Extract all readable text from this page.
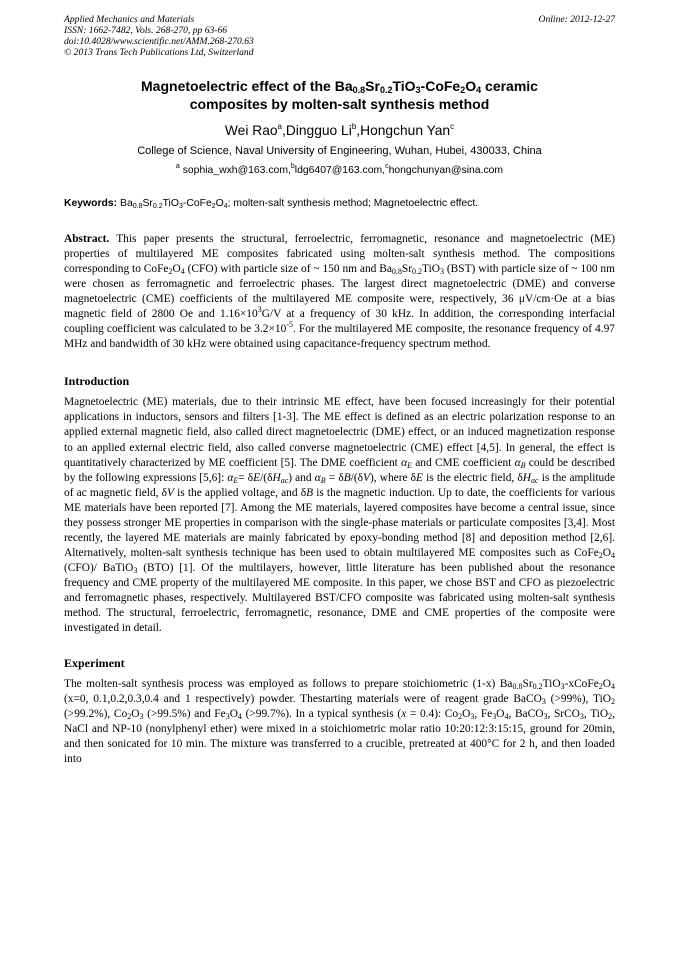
Applied Mechanics and Materials
ISSN: 1662-7482, Vols. 268-270, pp 63-66
doi:10.4028/www.scientific.net/AMM.268-270.63
© 2013 Trans Tech Publications Ltd, Switzerland
Online: 2012-12-27
Magnetoelectric effect of the $Ba_{0.8}Sr_{0.2}TiO_3-CoFe_2O_4$ ceramic
composites by molten-salt synthesis method
Wei Rao$^a$,Dingguo Li$^b$,Hongchun Yan$^c$
College of Science, Naval University of Engineering, Wuhan, Hubei, 430033, China
$^a$ sophia_wxh@163.com,$^b$ldg6407@163.com,$^c$hongchunyan@sina.com
Keywords: $Ba_{0.8}Sr_{0.2}TiO_3-CoFe_2O_4$; molten-salt synthesis method; Magnetoelectric effect.
Abstract. This paper presents the structural, ferroelectric, ferromagnetic, resonance and magnetoelectric (ME) properties of multilayered ME composites fabricated using molten-salt synthesis method. The compositions corresponding to $CoFe_2O_4$ (CFO) with particle size of ~ 150 nm and $Ba_{0.8}Sr_{0.2}TiO_3$ (BST) with particle size of ~ 100 nm were chosen as ferromagnetic and ferroelectric phases. The largest direct magnetoelectric (DME) and converse magnetoelectric (CME) coefficients of the multilayered ME composite were, respectively, 36 μV/cm·Oe at a bias magnetic field of 2800 Oe and $1.16\times 10^3G/V$ at a frequency of 30 kHz. In addition, the corresponding interfacial coupling coefficient was calculated to be $3.2\times 10^{-5}$. For the multilayered ME composite, the resonance frequency of 4.97 MHz and bandwidth of 30 kHz were obtained using capacitance-frequency spectrum method.
Introduction
Magnetoelectric (ME) materials, due to their intrinsic ME effect, have been focused increasingly for their potential applications in inductors, sensors and filters [1-3]. The ME effect is defined as an electric polarization response to an applied external magnetic field, also called direct magnetoelectric (DME) effect, or an induced magnetization response to an applied external electric field, also called converse magnetoelectric (CME) effect [4,5]. In general, the effect is quantitatively characterized by ME coefficient [5]. The DME coefficient $\alpha_E$ and CME coefficient $\alpha_B$ could be described by the following expressions [5,6]: $\alpha_E= \delta E/(\delta H_{ac})$ and $\alpha_B = \delta B/(\delta V)$, where δE is the electric field, $\delta H_{ac}$ is the amplitude of ac magnetic field, δV is the applied voltage, and δB is the magnetic induction. Up to date, the coefficients for various ME materials have been reported [7]. Among the ME materials, layered composites have become a central issue, since they possess stronger ME properties in comparison with the single-phase materials or particulate composites [3,4]. Most recently, the layered ME materials are mainly fabricated by epoxy-bonding method [8] and deposition method [2,6]. Alternatively, molten-salt synthesis technique has been used to obtain multilayered ME composites such as $CoFe_2O_4$ (CFO)/ BaTiO$_3$ (BTO) [1]. Of the multilayers, however, little literature has been published about the resonance frequency and CME property of the multilayered ME composite. In this paper, we chose BST and CFO as piezoelectric and ferromagnetic phases, respectively. Multilayered BST/CFO composite was fabricated using molten-salt synthesis method. The structural, ferroelectric, ferromagnetic, resonance, DME and CME properties of the composite were investigated in detail.
Experiment
The molten-salt synthesis process was employed as follows to prepare stoichiometric (1-x) $Ba_{0.8}Sr_{0.2}TiO_3-xCoFe_2O_4$ (x=0, 0.1,0.2,0.3,0.4 and 1 respectively) powder. Thestarting materials were of reagent grade BaCO$_3$ (>99%), TiO$_2$ (>99.2%), $Co_2O_3$ (>99.5%) and $Fe_3O_4$ (>99.7%). In a typical synthesis (x = 0.4): $Co_2O_3$, $Fe_3O_4$, BaCO$_3$, SrCO$_3$, TiO$_2$, NaCl and NP-10 (nonylphenyl ether) were mixed in a stoichiometric molar ratio 10:20:12:3:15:15, ground for 20min, and then sonicated for 10 min. The mixture was transferred to a crucible, pretreated at 400°C for 2 h, and then loaded into
